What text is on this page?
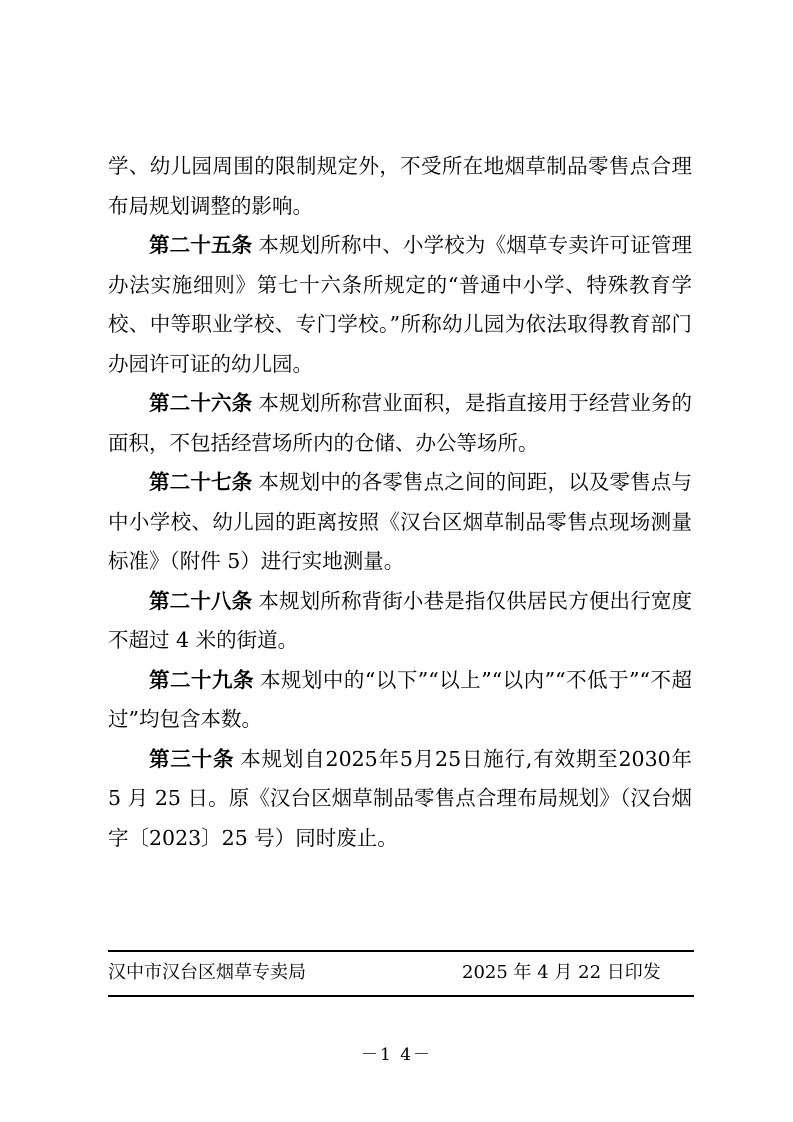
学、幼儿园周围的限制规定外，不受所在地烟草制品零售点合理布局规划调整的影响。

第二十五条 本规划所称中、小学校为《烟草专卖许可证管理办法实施细则》第七十六条所规定的“普通中小学、特殊教育学校、中等职业学校、专门学校。”所称幼儿园为依法取得教育部门办园许可证的幼儿园。

第二十六条 本规划所称营业面积，是指直接用于经营业务的面积，不包括经营场所内的仓储、办公等场所。

第二十七条 本规划中的各零售点之间的间距，以及零售点与中小学校、幼儿园的距离按照《汉台区烟草制品零售点现场测量标准》（附件 5）进行实地测量。

第二十八条 本规划所称背街小巷是指仅供居民方便出行宽度不超过 4 米的街道。

第二十九条 本规划中的“以下”“以上”“以内”“不低于”“不超过”均包含本数。

第三十条 本规划自2025年5月25日施行,有效期至2030年 5 月 25 日。原《汉台区烟草制品零售点合理布局规划》（汉台烟字〔2023〕25 号）同时废止。

汉中市汉台区烟草专卖局	2025 年 4 月 22 日印发
－1 4－
